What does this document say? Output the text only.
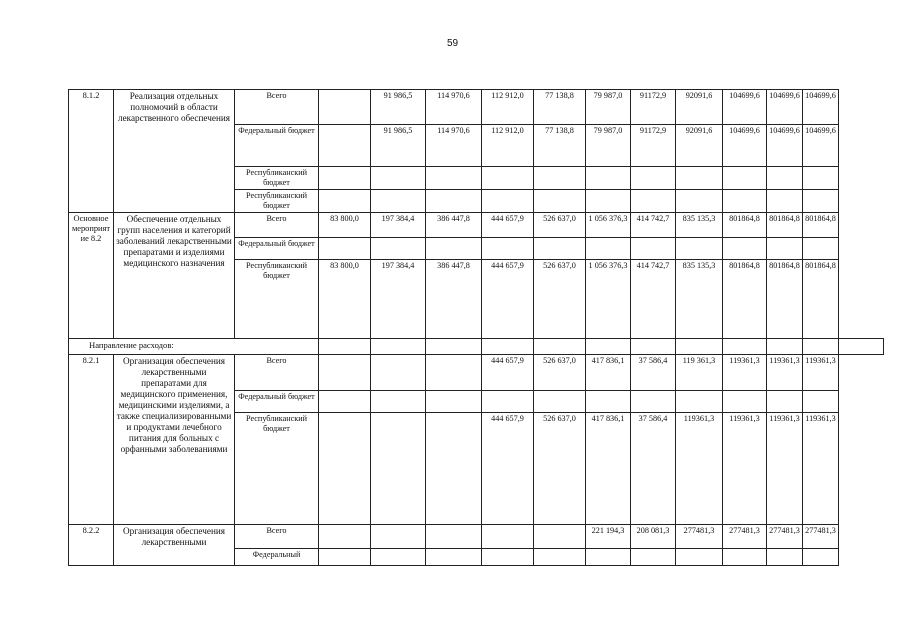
59
8.1.2	Реализация отдельных полномочий в области лекарственного обеспечения	Всего		91 986,5	114 970,6	112 912,0	77 138,8	79 987,0	91172,9	92091,6	104699,6	104699,6	104699,6	
		Федеральный бюджет		91 986,5	114 970,6	112 912,0	77 138,8	79 987,0	91172,9	92091,6	104699,6	104699,6	104699,6	
		Республиканский бюджет												
		Республиканский бюджет												
Основное мероприятие 8.2	Обеспечение отдельных групп населения и категорий заболеваний лекарственными препаратами и изделиями медицинского назначения	Всего	83 800,0	197 384,4	386 447,8	444 657,9	526 637,0	1 056 376,3	414 742,7	835 135,3	801864,8	801864,8	801864,8	
		Федеральный бюджет												
		Республиканский бюджет	83 800,0	197 384,4	386 447,8	444 657,9	526 637,0	1 056 376,3	414 742,7	835 135,3	801864,8	801864,8	801864,8	
Направление расходов:														
8.2.1	Организация обеспечения лекарственными препаратами для медицинского применения, медицинскими изделиями, а также специализированными и продуктами лечебного питания для больных с орфанными заболеваниями	Всего				444 657,9	526 637,0	417 836,1	37 586,4	119 361,3	119361,3	119361,3	119361,3	
		Федеральный бюджет												
		Республиканский бюджет				444 657,9	526 637,0	417 836,1	37 586,4	119361,3	119361,3	119361,3	119361,3	
8.2.2	Организация обеспечения лекарственными	Всего						221 194,3	208 081,3	277481,3	277481,3	277481,3	277481,3	
		Федеральный												
